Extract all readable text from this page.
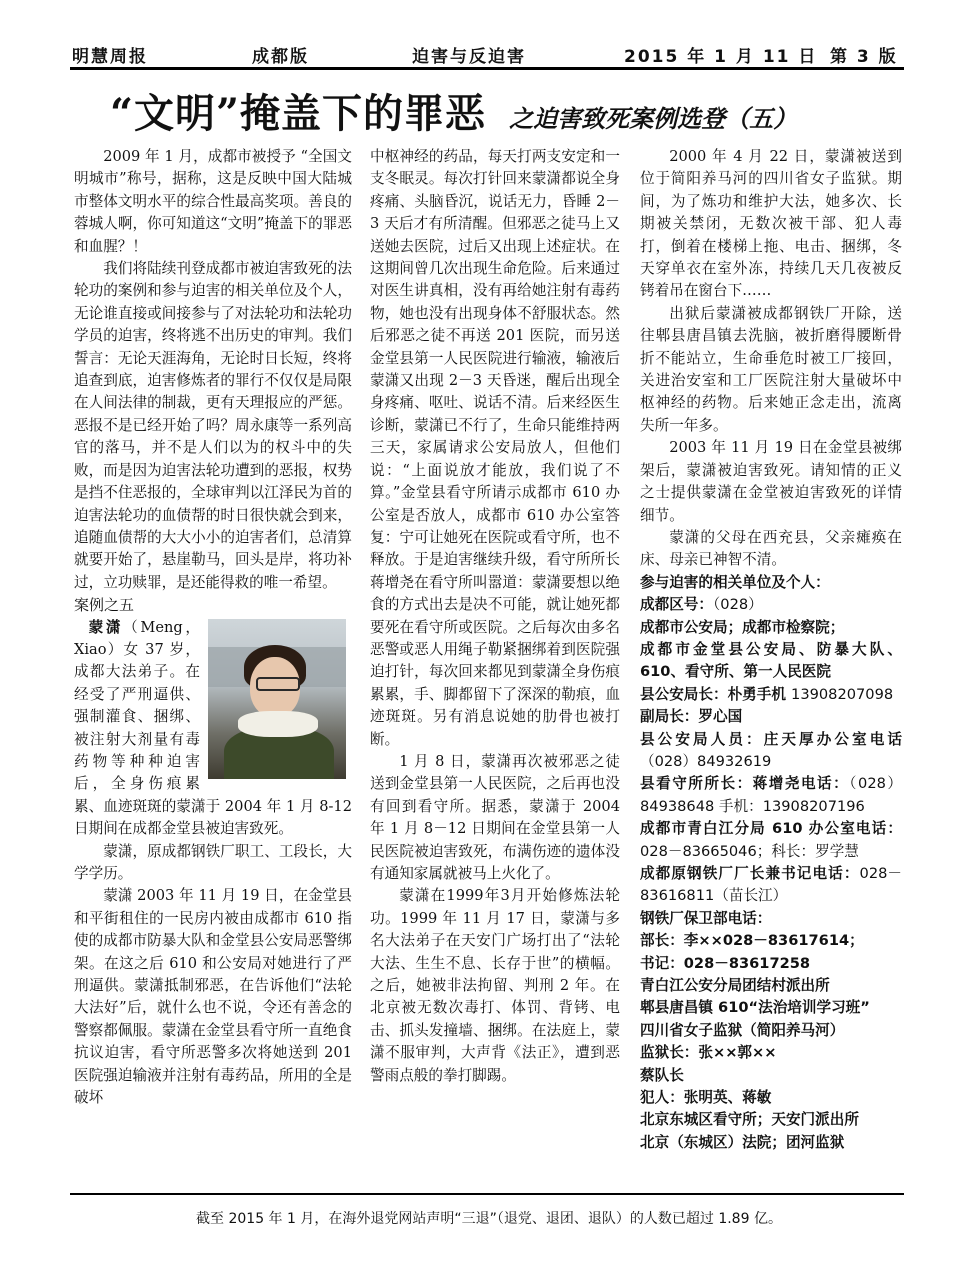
明慧周报	成都版	迫害与反迫害	2015 年 1 月 11 日 第 3 版
“文明”掩盖下的罪恶 之迫害致死案例选登（五）

2009 年 1 月，成都市被授予 “全国文明城市”称号，据称，这是反映中国大陆城市整体文明水平的综合性最高奖项。善良的蓉城人啊，你可知道这“文明”掩盖下的罪恶和血腥？！

我们将陆续刊登成都市被迫害致死的法轮功的案例和参与迫害的相关单位及个人，无论谁直接或间接参与了对法轮功和法轮功学员的迫害，终将逃不出历史的审判。我们誓言：无论天涯海角，无论时日长短，终将追查到底，迫害修炼者的罪行不仅仅是局限在人间法律的制裁，更有天理报应的严惩。恶报不是已经开始了吗？周永康等一系列高官的落马，并不是人们以为的权斗中的失败，而是因为迫害法轮功遭到的恶报，权势是挡不住恶报的，全球审判以江泽民为首的迫害法轮功的血债帮的时日很快就会到来，追随血债帮的大大小小的迫害者们，总清算就要开始了，悬崖勒马，回头是岸，将功补过，立功赎罪，是还能得救的唯一希望。

案例之五

蒙潇（Meng，Xiao）女 37 岁，成都大法弟子。在经受了严刑逼供、强制灌食、捆绑、被注射大剂量有毒药物等种种迫害后，全身伤痕累累、血迹斑斑的蒙潇于 2004 年 1 月 8-12 日期间在成都金堂县被迫害致死。

蒙潇，原成都钢铁厂职工、工段长，大学学历。

蒙潇 2003 年 11 月 19 日，在金堂县和平街租住的一民房内被由成都市 610 指使的成都市防暴大队和金堂县公安局恶警绑架。在这之后 610 和公安局对她进行了严刑逼供。蒙潇抵制邪恶，在告诉他们“法轮大法好”后，就什么也不说，令还有善念的警察都佩服。蒙潇在金堂县看守所一直绝食抗议迫害，看守所恶警多次将她送到 201 医院强迫输液并注射有毒药品，所用的全是破坏

中枢神经的药品，每天打两支安定和一支冬眠灵。每次打针回来蒙潇都说全身疼痛、头脑昏沉，说话无力，昏睡 2－3 天后才有所清醒。但邪恶之徒马上又送她去医院，过后又出现上述症状。在这期间曾几次出现生命危险。后来通过对医生讲真相，没有再给她注射有毒药物，她也没有出现身体不舒服状态。然后邪恶之徒不再送 201 医院，而另送金堂县第一人民医院进行输液，输液后蒙潇又出现 2－3 天昏迷，醒后出现全身疼痛、呕吐、说话不清。后来经医生诊断，蒙潇已不行了，生命只能维持两三天，家属请求公安局放人，但他们说：“上面说放才能放，我们说了不算。”金堂县看守所请示成都市 610 办公室是否放人，成都市 610 办公室答复：宁可让她死在医院或看守所，也不释放。于是迫害继续升级，看守所所长蒋增尧在看守所叫嚣道：蒙潇要想以绝食的方式出去是决不可能，就让她死都要死在看守所或医院。之后每次由多名恶警或恶人用绳子勒紧捆绑着到医院强迫打针，每次回来都见到蒙潇全身伤痕累累，手、脚都留下了深深的勒痕，血迹斑斑。另有消息说她的肋骨也被打断。

1 月 8 日，蒙潇再次被邪恶之徒送到金堂县第一人民医院，之后再也没有回到看守所。据悉，蒙潇于 2004 年 1 月 8－12 日期间在金堂县第一人民医院被迫害致死，布满伤迹的遗体没有通知家属就被马上火化了。

蒙潇在1999年3月开始修炼法轮功。1999 年 11 月 17 日，蒙潇与多名大法弟子在天安门广场打出了“法轮大法、生生不息、长存于世”的横幅。之后，她被非法拘留、判刑 2 年。在北京被无数次毒打、体罚、背铐、电击、抓头发撞墙、捆绑。在法庭上，蒙潇不服审判，大声背《法正》，遭到恶警雨点般的拳打脚踢。

2000 年 4 月 22 日，蒙潇被送到位于简阳养马河的四川省女子监狱。期间，为了炼功和维护大法，她多次、长期被关禁闭，无数次被干部、犯人毒打，倒着在楼梯上拖、电击、捆绑，冬天穿单衣在室外冻，持续几天几夜被反铐着吊在窗台下……

出狱后蒙潇被成都钢铁厂开除，送往郫县唐昌镇去洗脑，被折磨得腰断骨折不能站立，生命垂危时被工厂接回，关进治安室和工厂医院注射大量破坏中枢神经的药物。后来她正念走出，流离失所一年多。

2003 年 11 月 19 日在金堂县被绑架后，蒙潇被迫害致死。请知情的正义之士提供蒙潇在金堂被迫害致死的详情细节。

蒙潇的父母在西充县，父亲瘫痪在床、母亲已神智不清。

参与迫害的相关单位及个人：

成都区号：（028）

成都市公安局；成都市检察院；

成都市金堂县公安局、防暴大队、610、看守所、第一人民医院

县公安局长：朴勇手机 13908207098

副局长：罗心国

县公安局人员：庄天厚办公室电话（028）84932619

县看守所所长：蒋增尧电话：（028）84938648 手机：13908207196

成都市青白江分局 610 办公室电话：028－83665046；科长：罗学慧

成都原钢铁厂厂长兼书记电话：028－83616811（苗长江）

钢铁厂保卫部电话：

部长：李××028－83617614；

书记：028－83617258

青白江公安分局团结村派出所

郫县唐昌镇 610“法治培训学习班”

四川省女子监狱（简阳养马河）

监狱长：张××郭××

蔡队长

犯人：张明英、蒋敏

北京东城区看守所；天安门派出所

北京（东城区）法院；团河监狱

截至 2015 年 1 月，在海外退党网站声明“三退”（退党、退团、退队）的人数已超过 1.89 亿。
